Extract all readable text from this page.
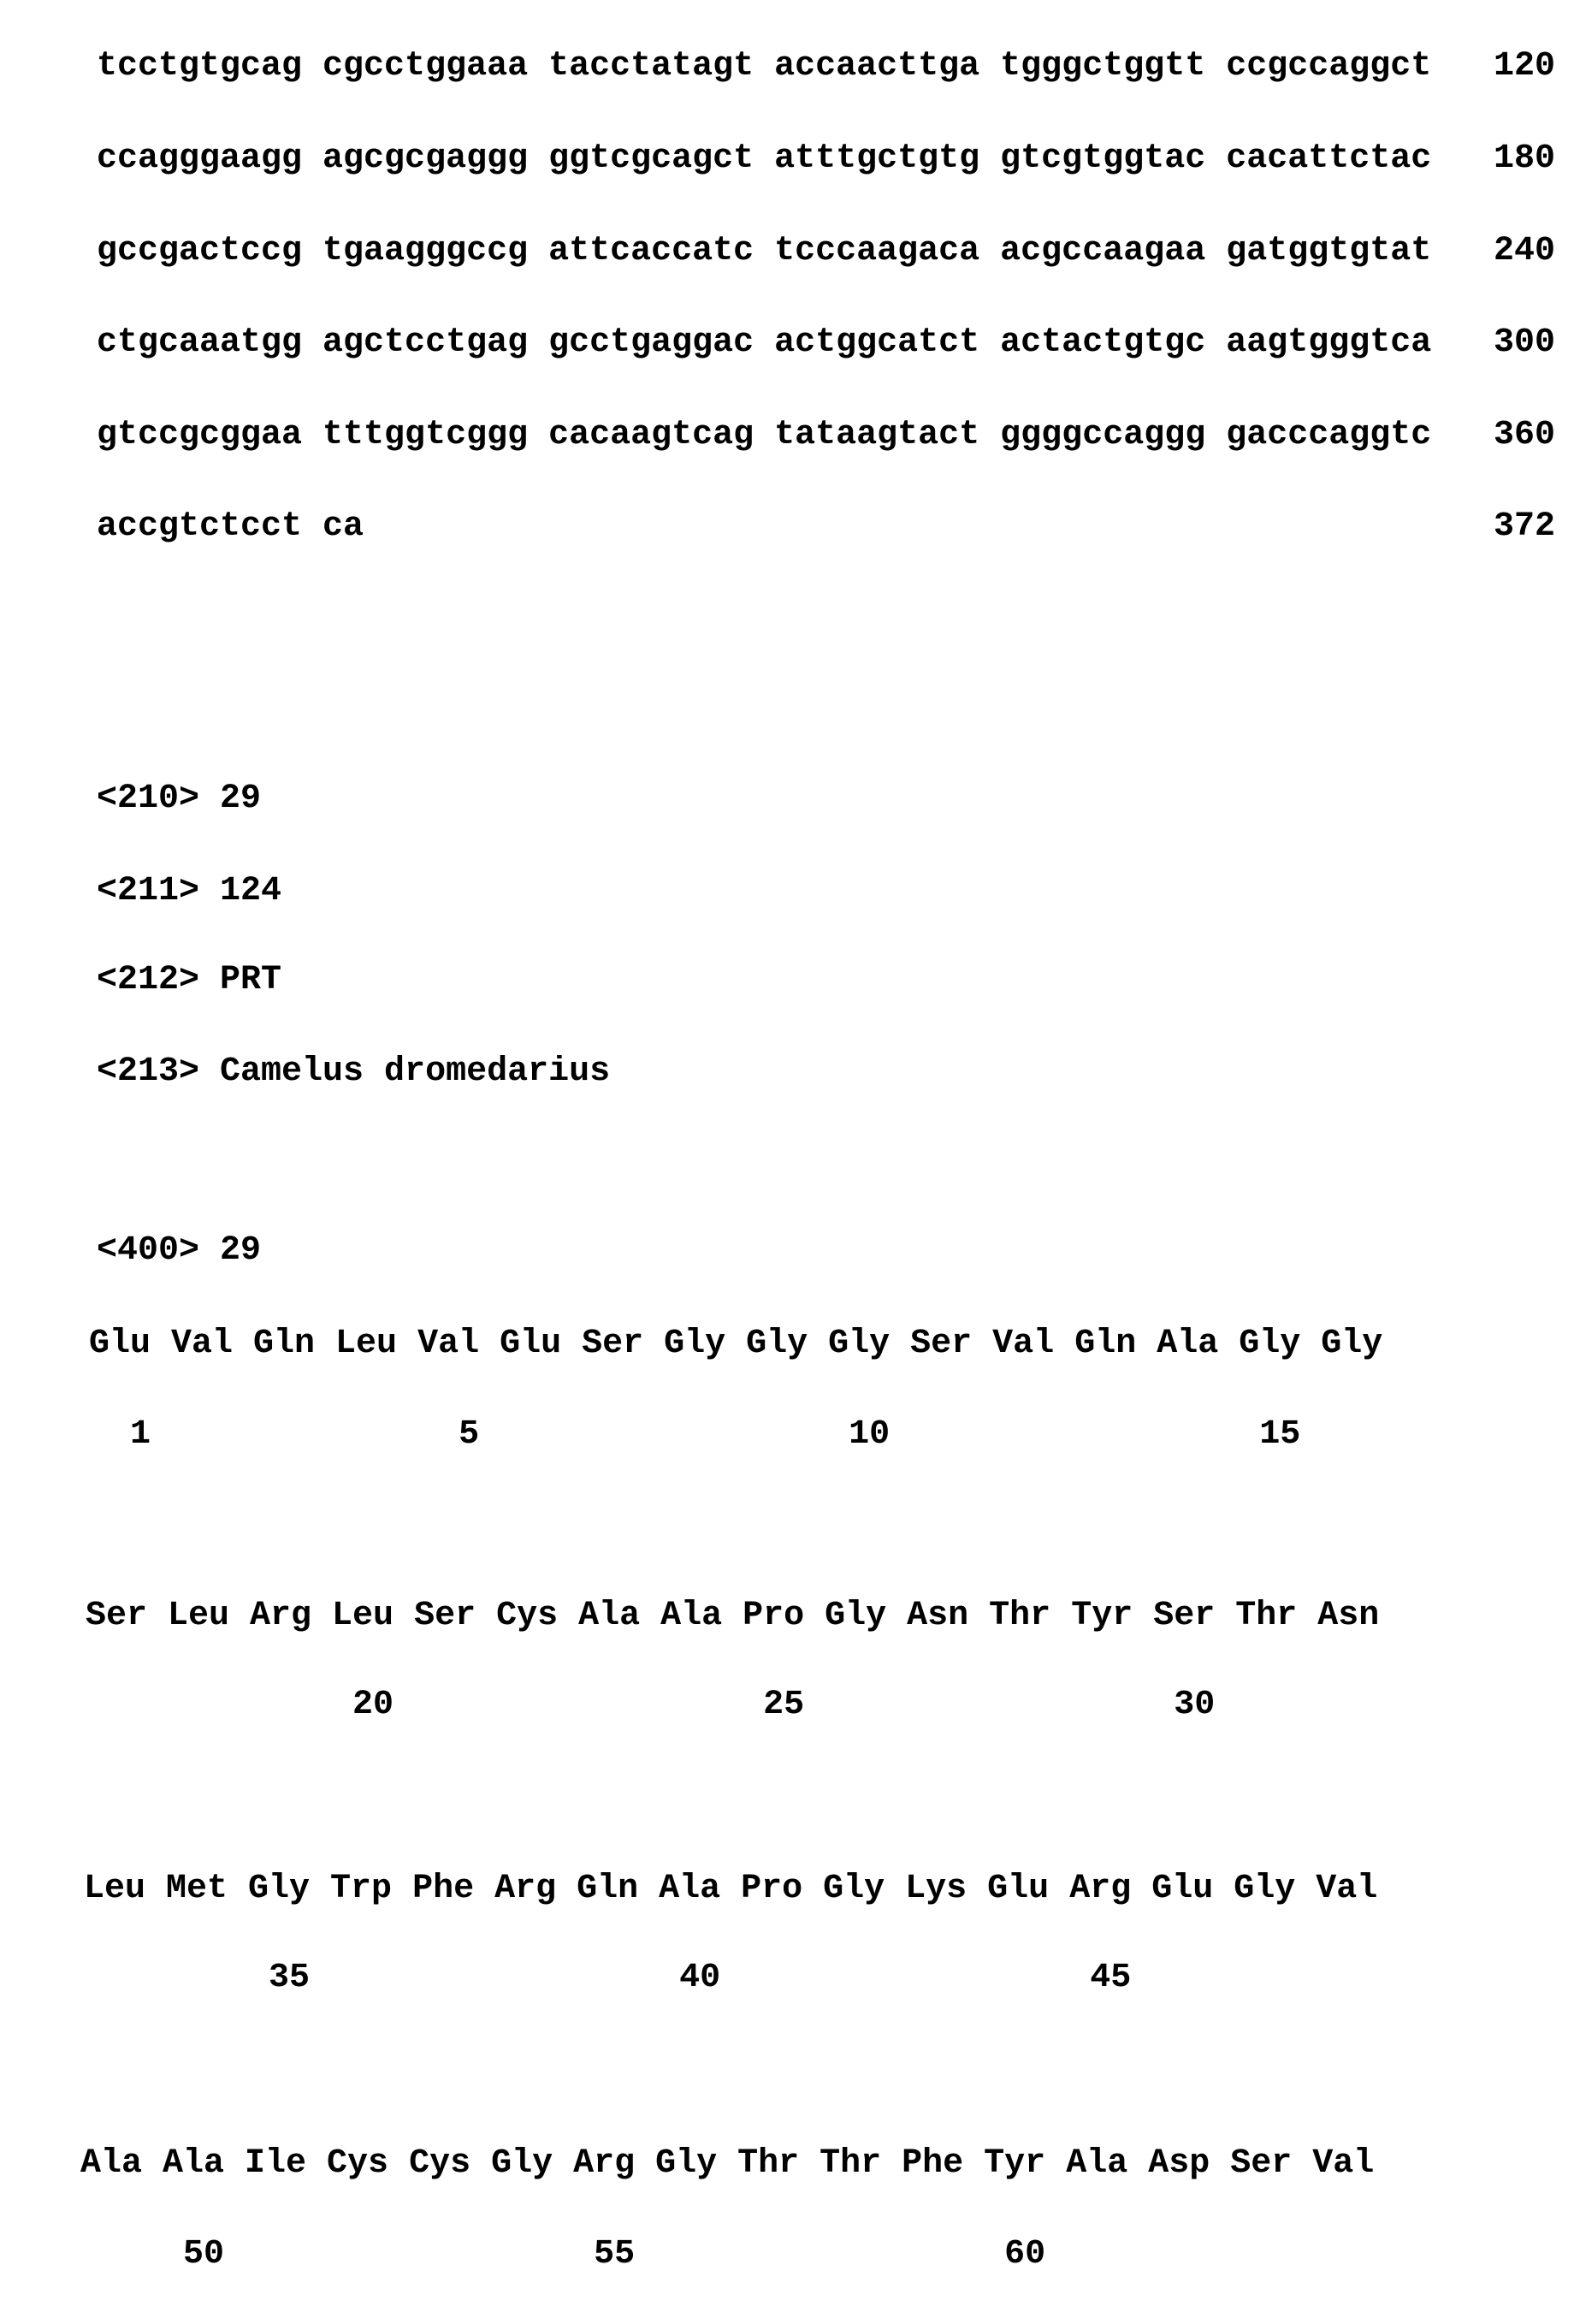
tcctgtgcag cgcctggaaa tacctatagt accaacttga tgggctggtt ccgccaggct 120
ccagggaagg agcgcgaggg ggtcgcagct atttgctgtg gtcgtggtac cacattctac 180
gccgactccg tgaagggccg attcaccatc tcccaagaca acgccaagaa gatggtgtat 240
ctgcaaatgg agctcctgag gcctgaggac actggcatct actactgtgc aagtgggtca 300
gtccgcggaa tttggtcggg cacaagtcag tataagtact ggggccaggg gacccaggtc 360
accgtctcct ca	372
<210> 29
<211> 124
<212> PRT
<213> Camelus dromedarius
<400> 29
Glu Val Gln Leu Val Glu Ser Gly Gly Gly Ser Val Gln Ala Gly Gly
1	5	10	15
Ser Leu Arg Leu Ser Cys Ala Ala Pro Gly Asn Thr Tyr Ser Thr Asn
20	25	30
Leu Met Gly Trp Phe Arg Gln Ala Pro Gly Lys Glu Arg Glu Gly Val
35	40	45
Ala Ala Ile Cys Cys Gly Arg Gly Thr Thr Phe Tyr Ala Asp Ser Val
50	55	60
